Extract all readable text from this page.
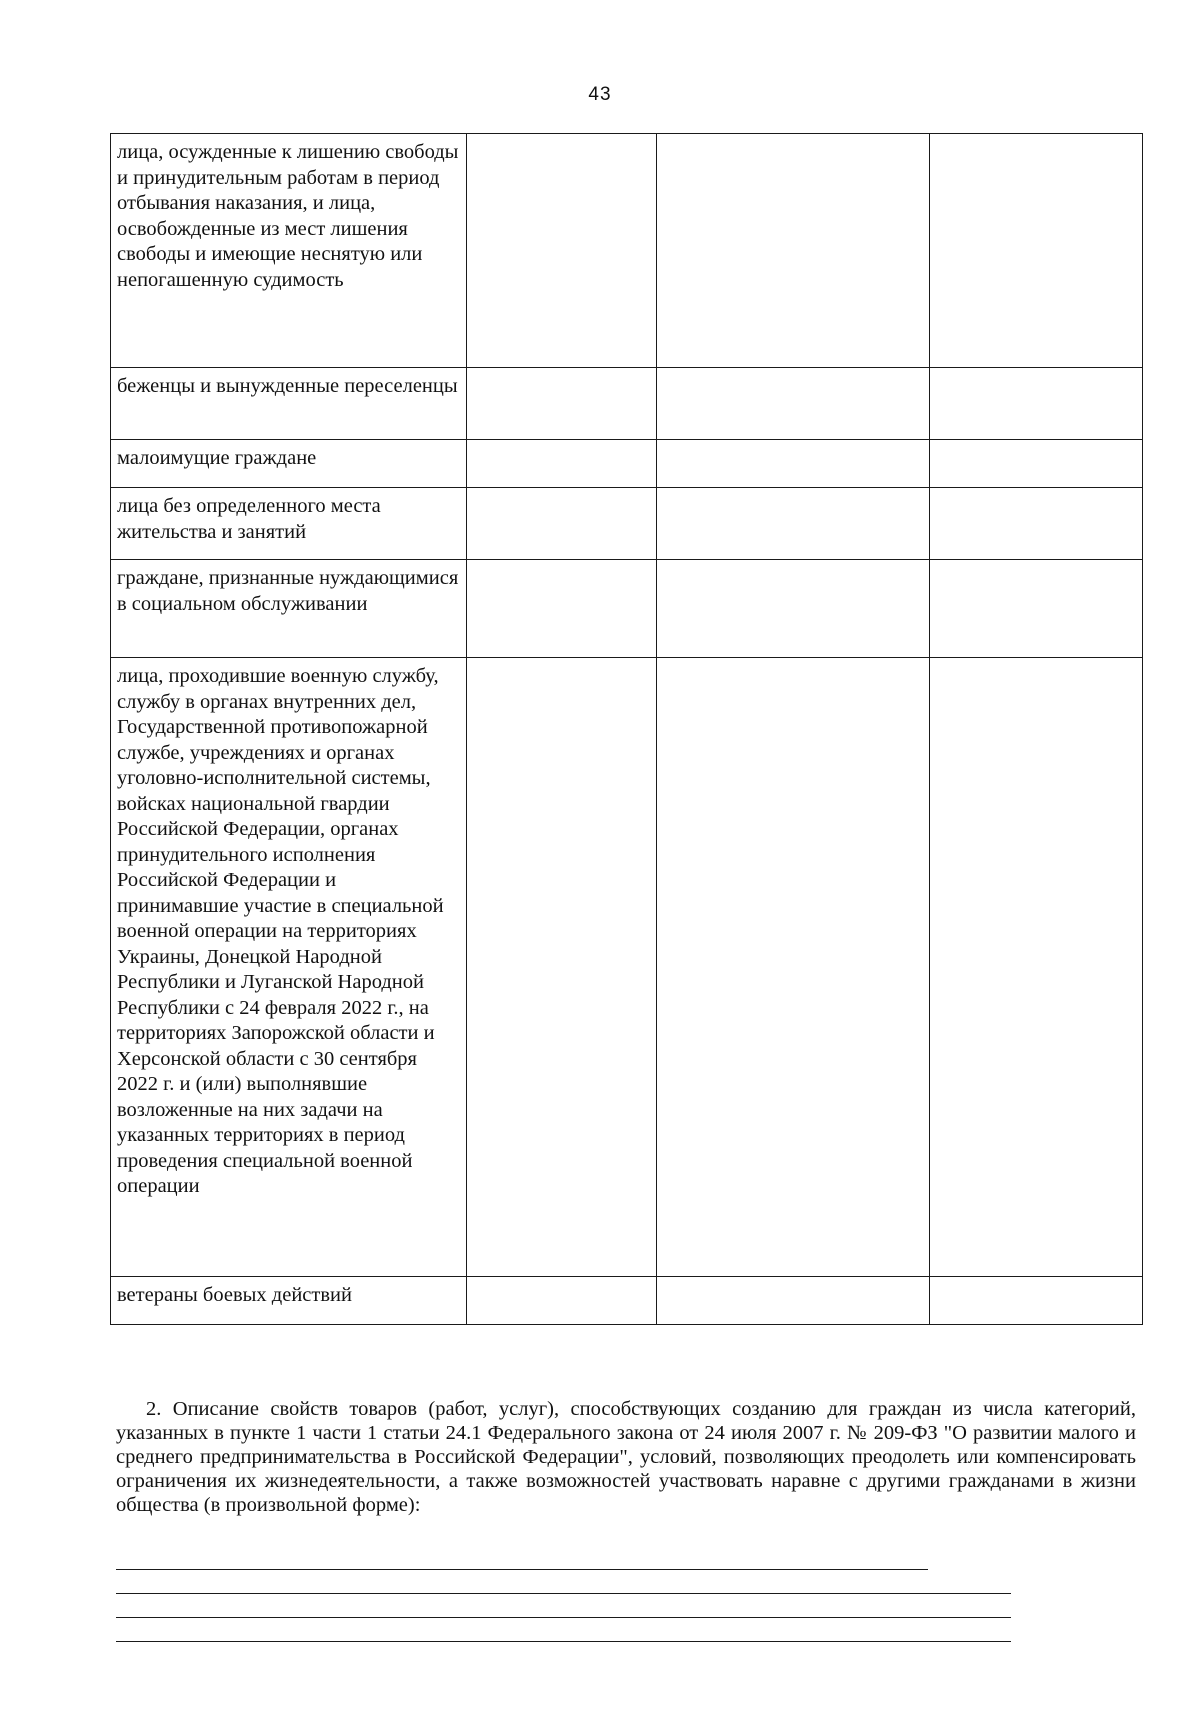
43
лица, осужденные к лишению свободы и принудительным работам в период отбывания наказания, и лица, освобожденные из мест лишения свободы и имеющие неснятую или непогашенную судимость			
беженцы и вынужденные переселенцы			
малоимущие граждане			
лица без определенного места жительства и занятий			
граждане, признанные нуждающимися в социальном обслуживании			
лица, проходившие военную службу, службу в органах внутренних дел, Государственной противопожарной службе, учреждениях и органах уголовно-исполнительной системы, войсках национальной гвардии Российской Федерации, органах принудительного исполнения Российской Федерации и принимавшие участие в специальной военной операции на территориях Украины, Донецкой Народной Республики и Луганской Народной Республики с 24 февраля 2022 г., на территориях Запорожской области и Херсонской области с 30 сентября 2022 г. и (или) выполнявшие возложенные на них задачи на указанных территориях в период проведения специальной военной операции			
ветераны боевых действий			

2. Описание свойств товаров (работ, услуг), способствующих созданию для граждан из числа категорий, указанных в пункте 1 части 1 статьи 24.1 Федерального закона от 24 июля 2007 г. № 209-ФЗ "О развитии малого и среднего предпринимательства в Российской Федерации", условий, позволяющих преодолеть или компенсировать ограничения их жизнедеятельности, а также возможностей участвовать наравне с другими гражданами в жизни общества (в произвольной форме):
